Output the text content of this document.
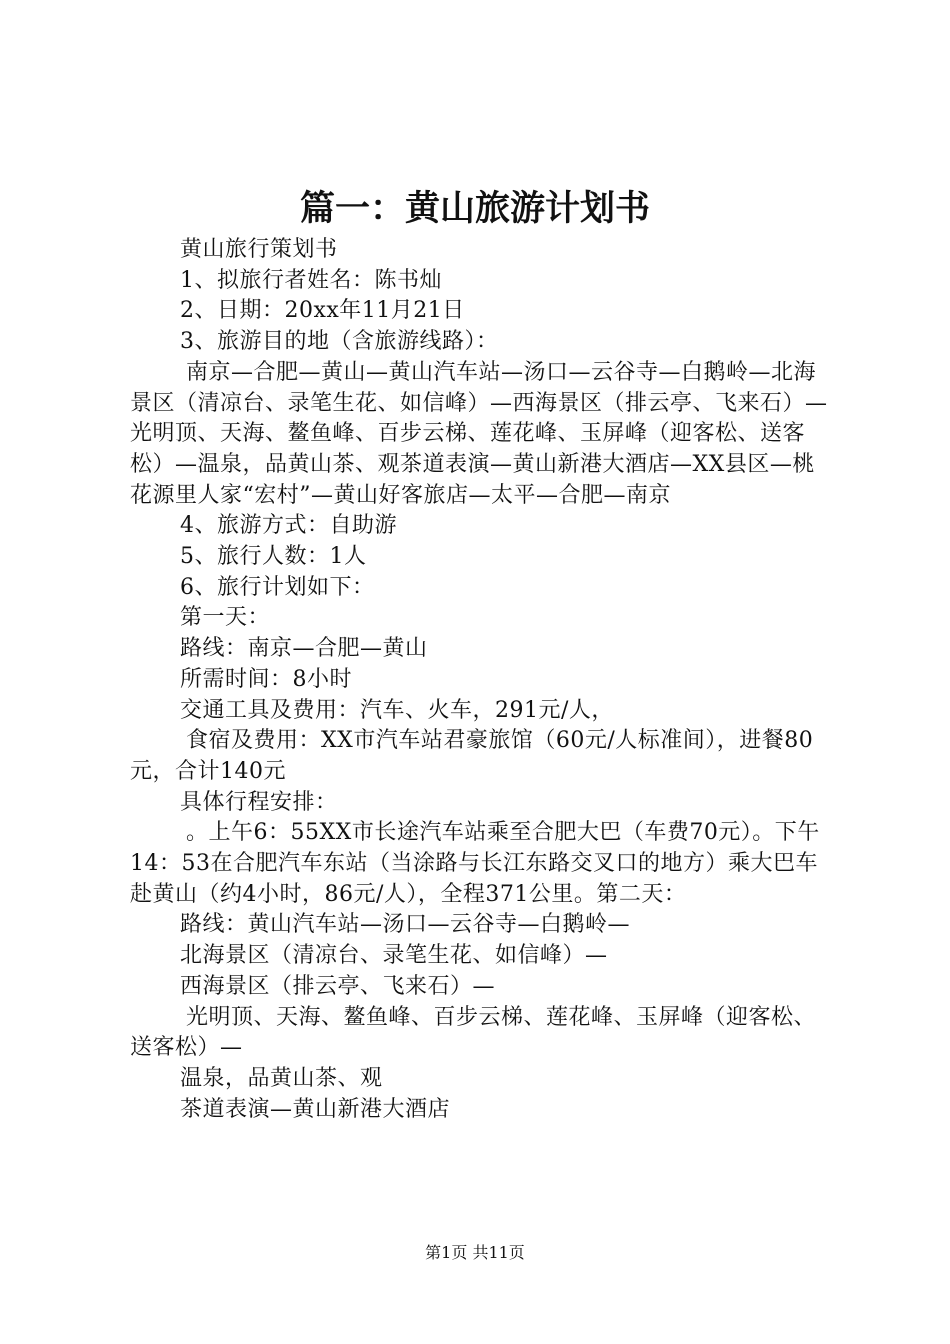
篇一：黄山旅游计划书

黄山旅行策划书

1、拟旅行者姓名：陈书灿

2、日期：20xx年11月21日

3、旅游目的地（含旅游线路）：

南京—合肥—黄山—黄山汽车站—汤口—云谷寺—白鹅岭—北海景区（清凉台、录笔生花、如信峰）—西海景区（排云亭、飞来石）—光明顶、天海、鳌鱼峰、百步云梯、莲花峰、玉屏峰（迎客松、送客松）—温泉，品黄山茶、观茶道表演—黄山新港大酒店—XX县区—桃花源里人家“宏村”—黄山好客旅店—太平—合肥—南京

4、旅游方式：自助游

5、旅行人数：1人

6、旅行计划如下：

第一天：

路线：南京—合肥—黄山

所需时间：8小时

交通工具及费用：汽车、火车，291元/人，

食宿及费用：XX市汽车站君豪旅馆（60元/人标准间），进餐80元，合计140元

具体行程安排：

。上午6：55XX市长途汽车站乘至合肥大巴（车费70元）。下午14：53在合肥汽车东站（当涂路与长江东路交叉口的地方）乘大巴车赴黄山（约4小时，86元/人），全程371公里。第二天：

路线：黄山汽车站—汤口—云谷寺—白鹅岭—

北海景区（清凉台、录笔生花、如信峰）—

西海景区（排云亭、飞来石）—

光明顶、天海、鳌鱼峰、百步云梯、莲花峰、玉屏峰（迎客松、送客松）—

温泉，品黄山茶、观

茶道表演—黄山新港大酒店

第1页 共11页
